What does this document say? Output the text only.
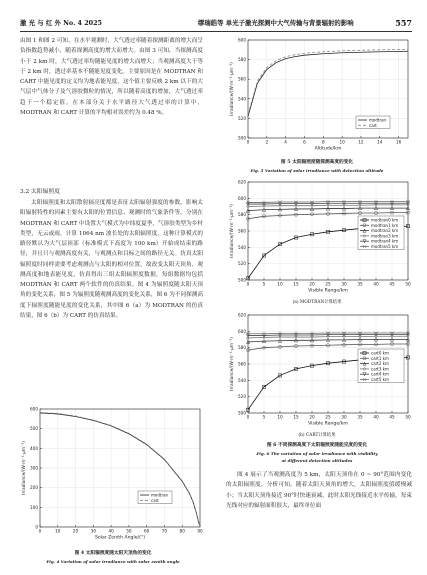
激 光 与 红 外 No. 4 2025	缪瑞皓等 单光子激光探测中大气传输与背景辐射的影响	557

由图 1 和图 2 可知，在水平观测时，大气透过率随着探测距离的增大而呈负指数趋势减小，随着探测高度的增大而增大。由图 3 可知，当探测高度小于 2 km 时，大气透过率均随能见度的增大而增大；当观测高度大于等于 2 km 时，透过率基本不随能见度变化。主要原因是在 MODTRAN 和 CART 中能见度的定义均为地表能见度，这个值主要反映 2 km 以下的大气层中气体分子及气溶胶微粒的情况，所以随着高度的增加，大气透过率趋于一个稳定值。在本部分关于水平路径大气透过率的计算中，MODTRAN 和 CART 计算的平均相对误差约为 0.48 %。

3.2 太阳辐照度

太阳辐照度和太阳散射辐亮度都是表征太阳辐射强度的参数，影响太阳辐射特性的因素主要有太阳的位置信息、观测时的气象条件等。分别在 MODTRAN 和 CART 中设置大气模式为中纬度夏季，气溶胶类型为乡村类型，无云或雨，计算 1064 nm 波长处的太阳辐照度，这种计算模式的路径默认为大气层顶部（标准模式下高度为 100 km）开始成结束的路径，并且只与观测高度有关，与观测点和目标之间的路径无关。仿真太阳辐照度时同样需要考虑观测点与太阳的相对位置，故改变太阳天顶角、观测高度和地表能见度，仿真得出三组太阳辐照度数据，每组数据均包括 MODTRAN 和 CART 两个软件的仿真结果。图 4 为辐照度随太阳天顶角的变化关系，图 5 为辐照度随观测高度的变化关系，图 6 为不同探测高度下辐照度随能见度的变化关系，其中图 6（a）为 MODTRAN 的仿真结果，图 6（b）为 CART 的仿真结果。

0
100
200
300
400
500
600
0	10	20	30	40	50	60	70	80	90
Solar Zenith Angle/(°)
Irradiance/(W·m⁻²·μm⁻¹)
modtran
cart
图 4 太阳辐照度随太阳天顶角的变化
Fig. 4 Variation of solar irradiance with solar zenith angle
500
520
540
560
580
600
0	2	4	6	8	10	12	14	16
Altitude/km
Irradiance/(W·m⁻²·μm⁻¹)
modtran
cart
图 5 太阳辐照度随探测高度的变化
Fig. 5 Variation of solar irradiance with detection altitude
500
520
540
560
580
600
620
0	5	10	15	20	25	30	35	40	45	50
Visible Range/km
Irradiance/(W·m⁻²·μm⁻¹)	modtran0 km
modtran1 km
modtran2 km
modtran3 km
modtran4 km
modtran5 km
(a) MODTRAN计算结果
500
520
540
560
580
600
620
0	5	10	15	20	25	30	35	40	45	50
Visible Range/km
Irradiance/(W·m⁻²·μm⁻¹)	cart0 km
cart1 km
cart2 km
cart3 km
cart4 km
cart5 km
(b) CART计算结果
图 6 不同探测高度下太阳辐照度随能见度的变化
Fig. 6 The variation of solar irradiance with visibility
at different detection altitudes

图 4 展示了当观测高度为 5 km，太阳天顶角在 0 ~ 90°范围内变化的太阳辐照度。分析可知，随着太阳天顶角的增大，太阳辐照度值缓慢减小；当太阳天顶角接近 90°时快速衰减，此时太阳光线接近水平传输，每束光线对应的辐射面积很大，最终单位面
